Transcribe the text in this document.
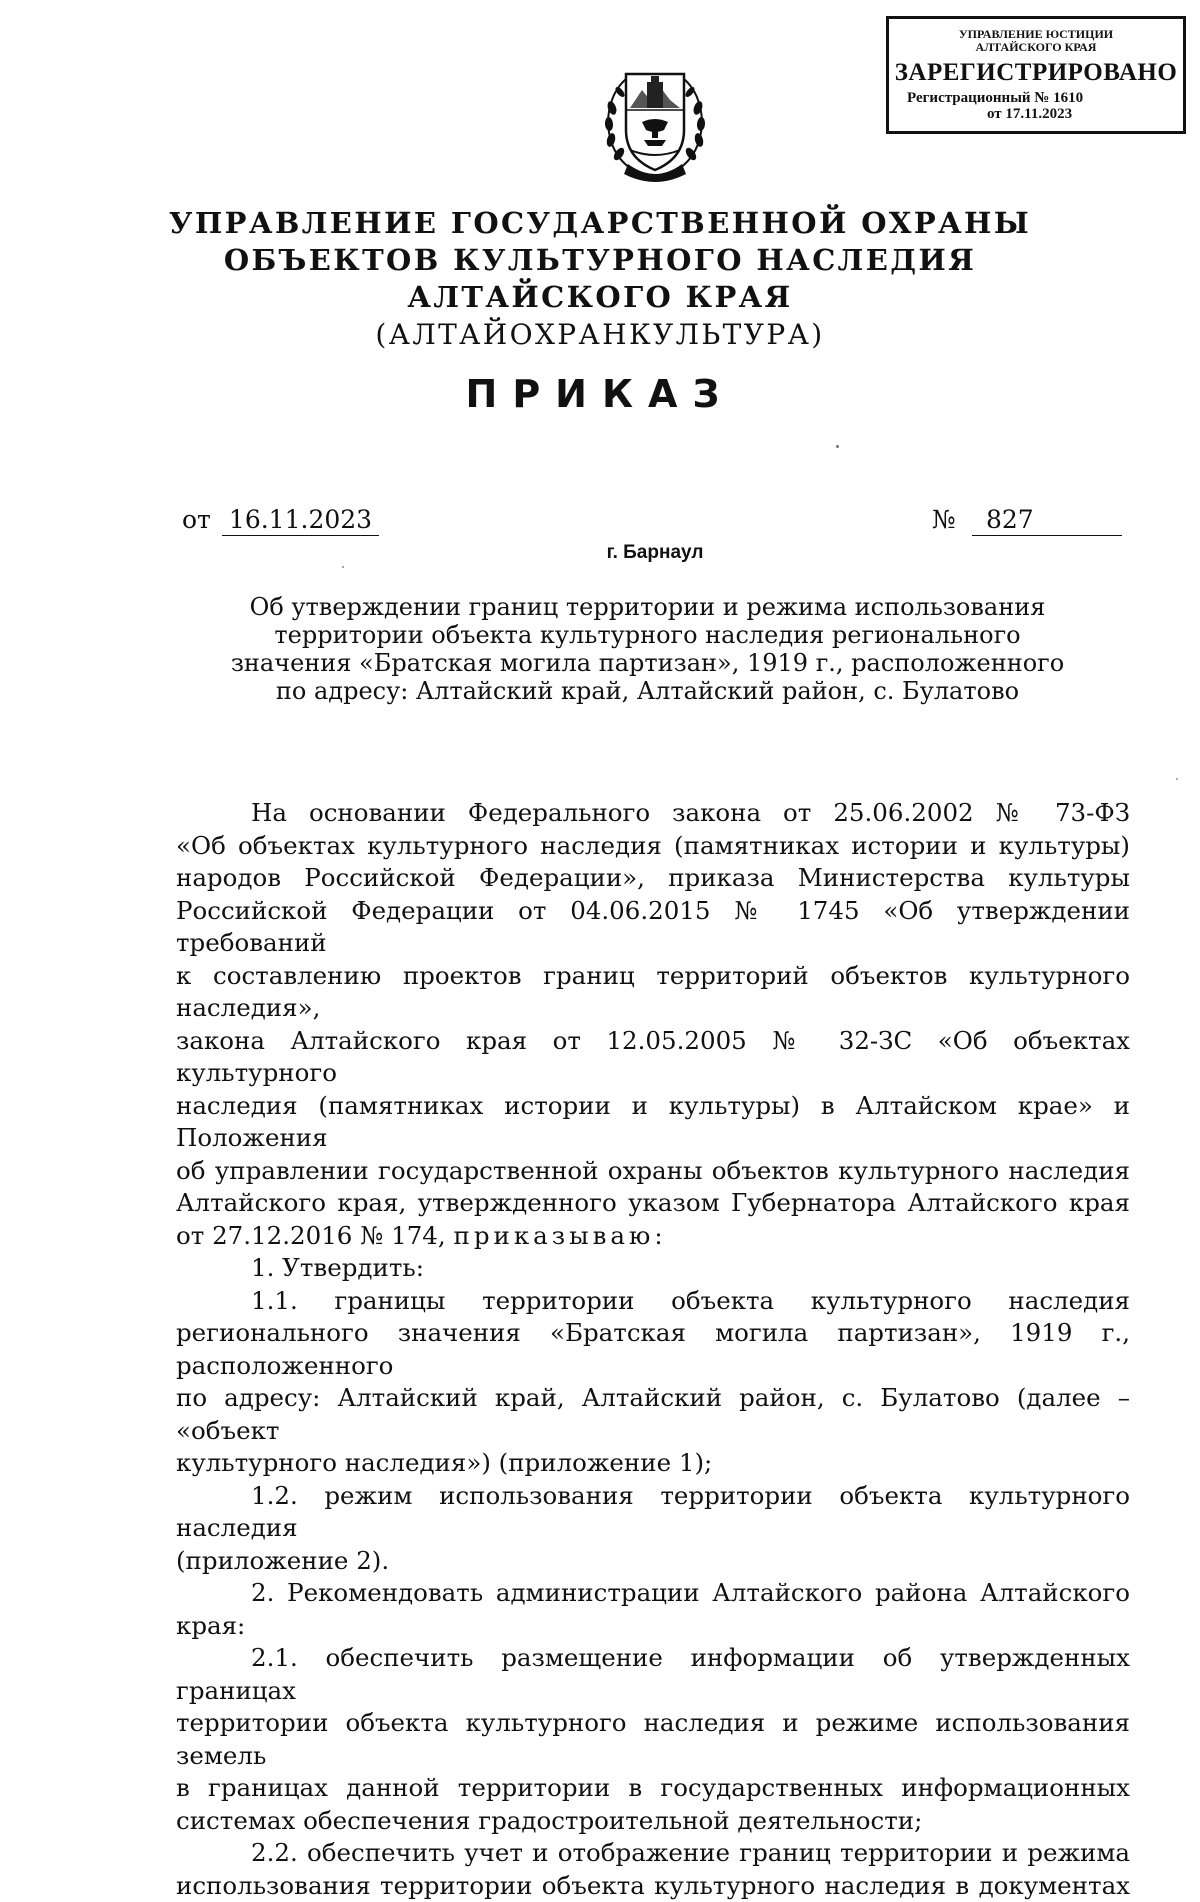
УПРАВЛЕНИЕ ЮСТИЦИИ
АЛТАЙСКОГО КРАЯ
ЗАРЕГИСТРИРОВАНО
Регистрационный № 1610
от 17.11.2023
УПРАВЛЕНИЕ ГОСУДАРСТВЕННОЙ ОХРАНЫ
ОБЪЕКТОВ КУЛЬТУРНОГО НАСЛЕДИЯ
АЛТАЙСКОГО КРАЯ
(АЛТАЙОХРАНКУЛЬТУРА)
ПРИКАЗ
от 16.11.2023	№	827
г. Барнаул
Об утверждении границ территории и режима использования
территории объекта культурного наследия регионального
значения «Братская могила партизан», 1919 г., расположенного
по адресу: Алтайский край, Алтайский район, с. Булатово

На основании Федерального закона от 25.06.2002 № 73-ФЗ

«Об объектах культурного наследия (памятниках истории и культуры)

народов Российской Федерации», приказа Министерства культуры

Российской Федерации от 04.06.2015 № 1745 «Об утверждении требований

к составлению проектов границ территорий объектов культурного наследия»,

закона Алтайского края от 12.05.2005 № 32-ЗС «Об объектах культурного

наследия (памятниках истории и культуры) в Алтайском крае» и Положения

об управлении государственной охраны объектов культурного наследия

Алтайского края, утвержденного указом Губернатора Алтайского края

от 27.12.2016 № 174, приказываю:

1. Утвердить:

1.1. границы территории объекта культурного наследия

регионального значения «Братская могила партизан», 1919 г., расположенного

по адресу: Алтайский край, Алтайский район, с. Булатово (далее – «объект

культурного наследия») (приложение 1);

1.2. режим использования территории объекта культурного наследия

(приложение 2).

2. Рекомендовать администрации Алтайского района Алтайского края:

2.1. обеспечить размещение информации об утвержденных границах

территории объекта культурного наследия и режиме использования земель

в границах данной территории в государственных информационных

системах обеспечения градостроительной деятельности;

2.2. обеспечить учет и отображение границ территории и режима

использования территории объекта культурного наследия в документах
